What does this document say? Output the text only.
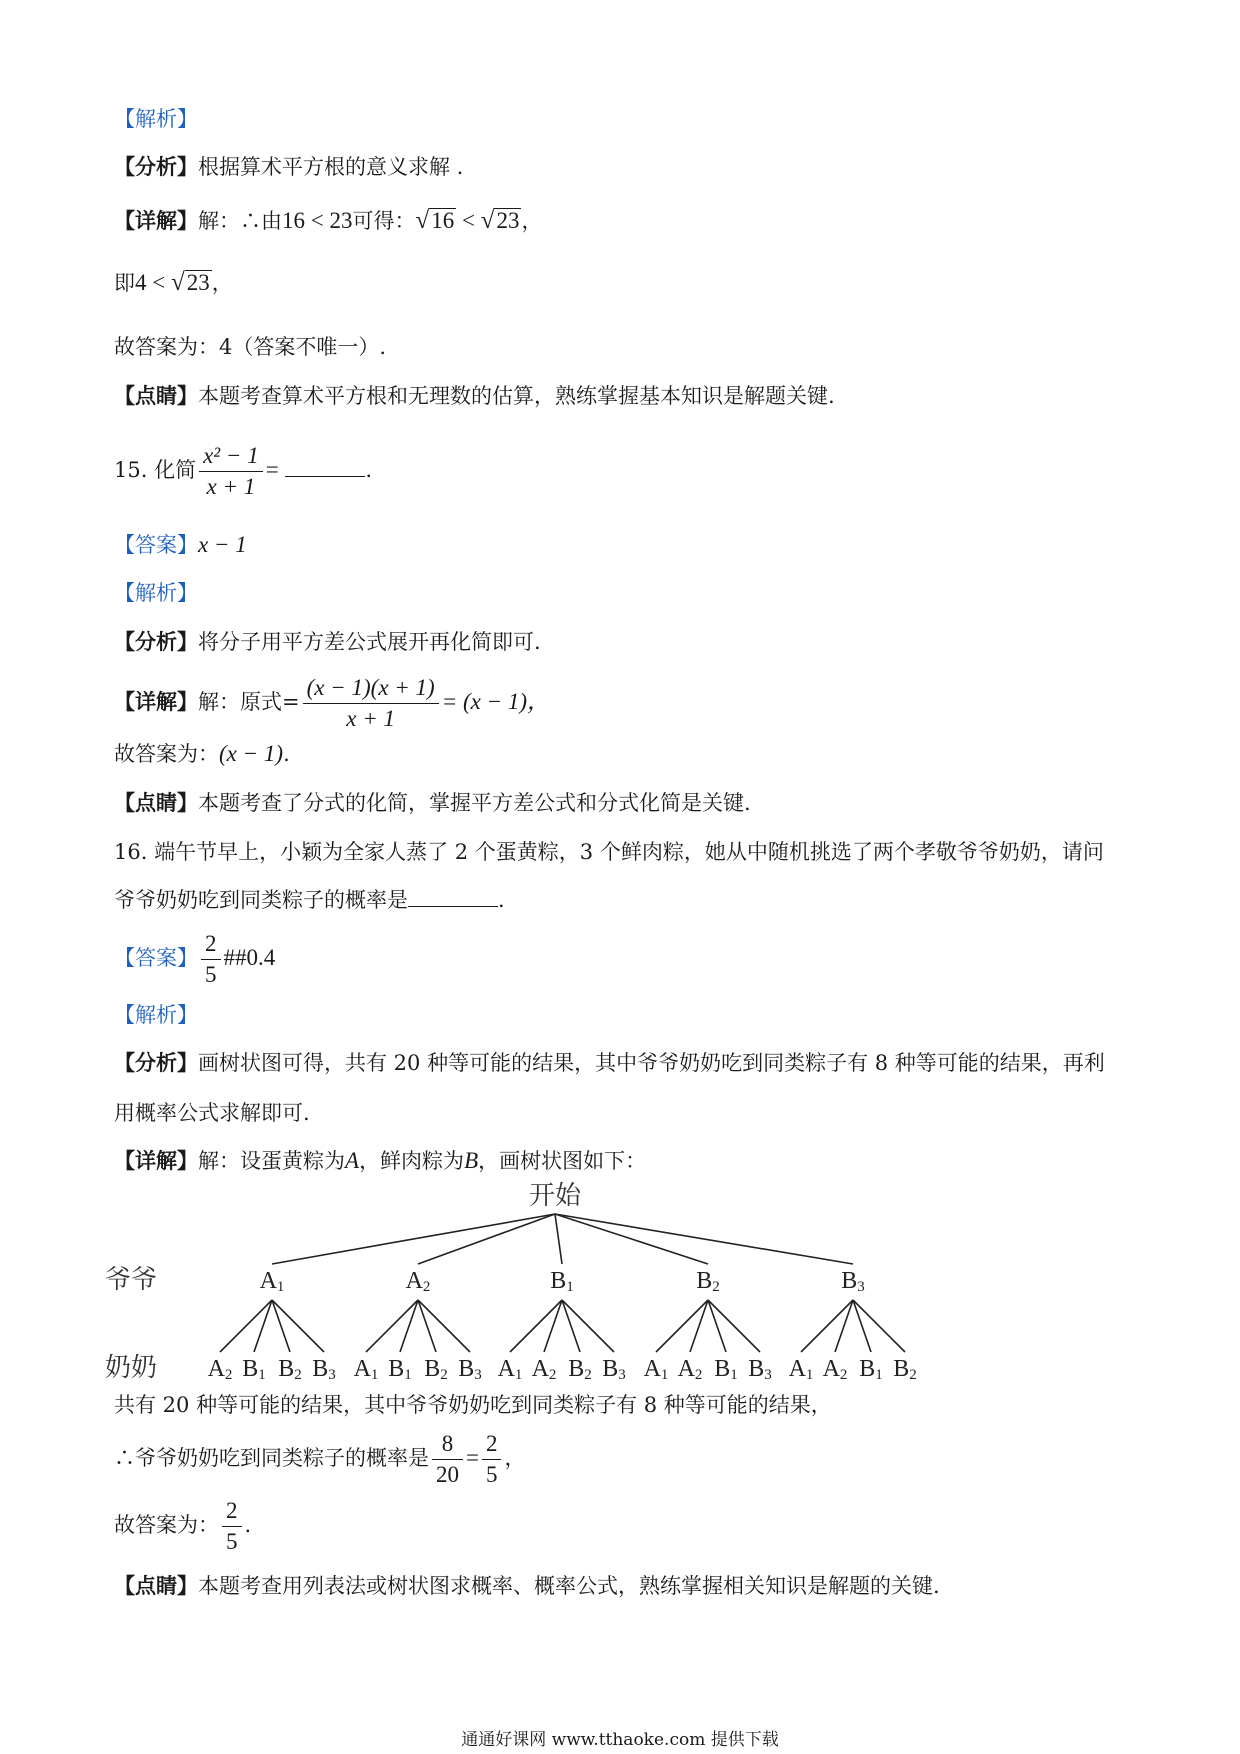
【解析】
【分析】根据算术平方根的意义求解 .
【详解】解：∴由16 < 23可得：√16 < √23，
即4 < √23，
故答案为：4（答案不唯一）.
【点睛】本题考查算术平方根和无理数的估算，熟练掌握基本知识是解题关键.
15. 化简 $\frac{\text{x² − 1}}{x + 1}$ =	.
【答案】x − 1
【解析】
【分析】将分子用平方差公式展开再化简即可.
【详解】解：原式= $\frac{(x - 1)(x + 1)}{x + 1} = (x - 1)$，
故答案为：(x − 1).
【点睛】本题考查了分式的化简，掌握平方差公式和分式化简是关键.
16. 端午节早上，小颖为全家人蒸了 2 个蛋黄粽，3 个鲜肉粽，她从中随机挑选了两个孝敬爷爷奶奶，请问
爷爷奶奶吃到同类粽子的概率是	.
【答案】 $\frac{2}{5}$ ##0.4
【解析】
【分析】画树状图可得，共有 20 种等可能的结果，其中爷爷奶奶吃到同类粽子有 8 种等可能的结果，再利
用概率公式求解即可.
【详解】解：设蛋黄粽为A，鲜肉粽为B，画树状图如下：
开始
爷爷
奶奶
A1
A2 B1 B2 B3
A2
A1 B1 B2 B3
B1
A1 A2 B2 B3
B2
A1 A2 B1 B3
B3
A1 A2 B1 B2
共有 20 种等可能的结果，其中爷爷奶奶吃到同类粽子有 8 种等可能的结果，
∴爷爷奶奶吃到同类粽子的概率是 $\frac{8}{20} = \frac{2}{5}$ ，
故答案为： $\frac{2}{5}$ .
【点睛】本题考查用列表法或树状图求概率、概率公式，熟练掌握相关知识是解题的关键.
通通好课网 www.tthaoke.com 提供下载
